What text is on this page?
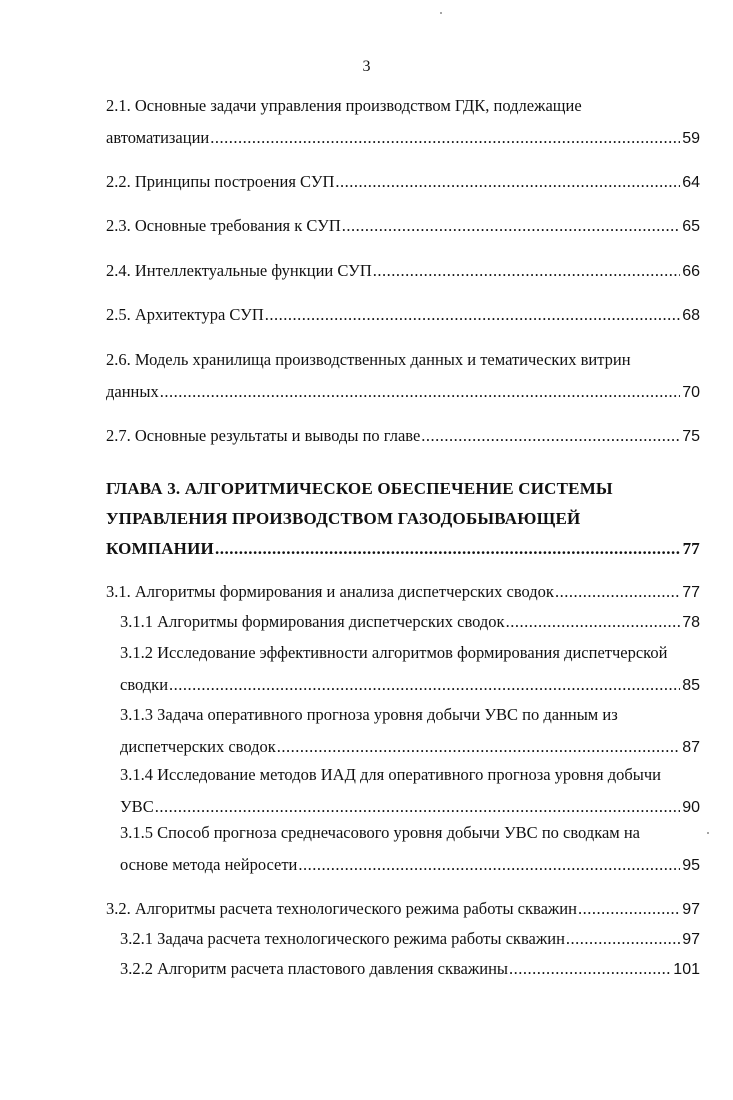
3
2.1. Основные задачи управления производством ГДК, подлежащие
автоматизации .....	59
2.2. Принципы построения СУП .....	64
2.3. Основные требования к СУП .....	65
2.4. Интеллектуальные функции СУП .....	66
2.5. Архитектура СУП .....	68
2.6. Модель хранилища производственных данных и тематических витрин
данных .....	70
2.7. Основные результаты и выводы по главе .....	75
ГЛАВА 3. АЛГОРИТМИЧЕСКОЕ ОБЕСПЕЧЕНИЕ СИСТЕМЫ
УПРАВЛЕНИЯ ПРОИЗВОДСТВОМ ГАЗОДОБЫВАЮЩЕЙ
КОМПАНИИ .....	77
3.1. Алгоритмы формирования и анализа диспетчерских сводок .....	77
3.1.1 Алгоритмы формирования диспетчерских сводок .....	78
3.1.2 Исследование эффективности алгоритмов формирования диспетчерской
сводки .....	85
3.1.3 Задача оперативного прогноза уровня добычи УВС по данным из
диспетчерских сводок .....	87
3.1.4 Исследование методов ИАД для оперативного прогноза уровня добычи
УВС .....	90
3.1.5 Способ прогноза среднечасового уровня добычи УВС по сводкам на
основе метода нейросети .....	95
3.2. Алгоритмы расчета технологического режима работы скважин .....	97
3.2.1 Задача расчета технологического режима работы скважин .....	97
3.2.2 Алгоритм расчета пластового давления скважины .....	101
